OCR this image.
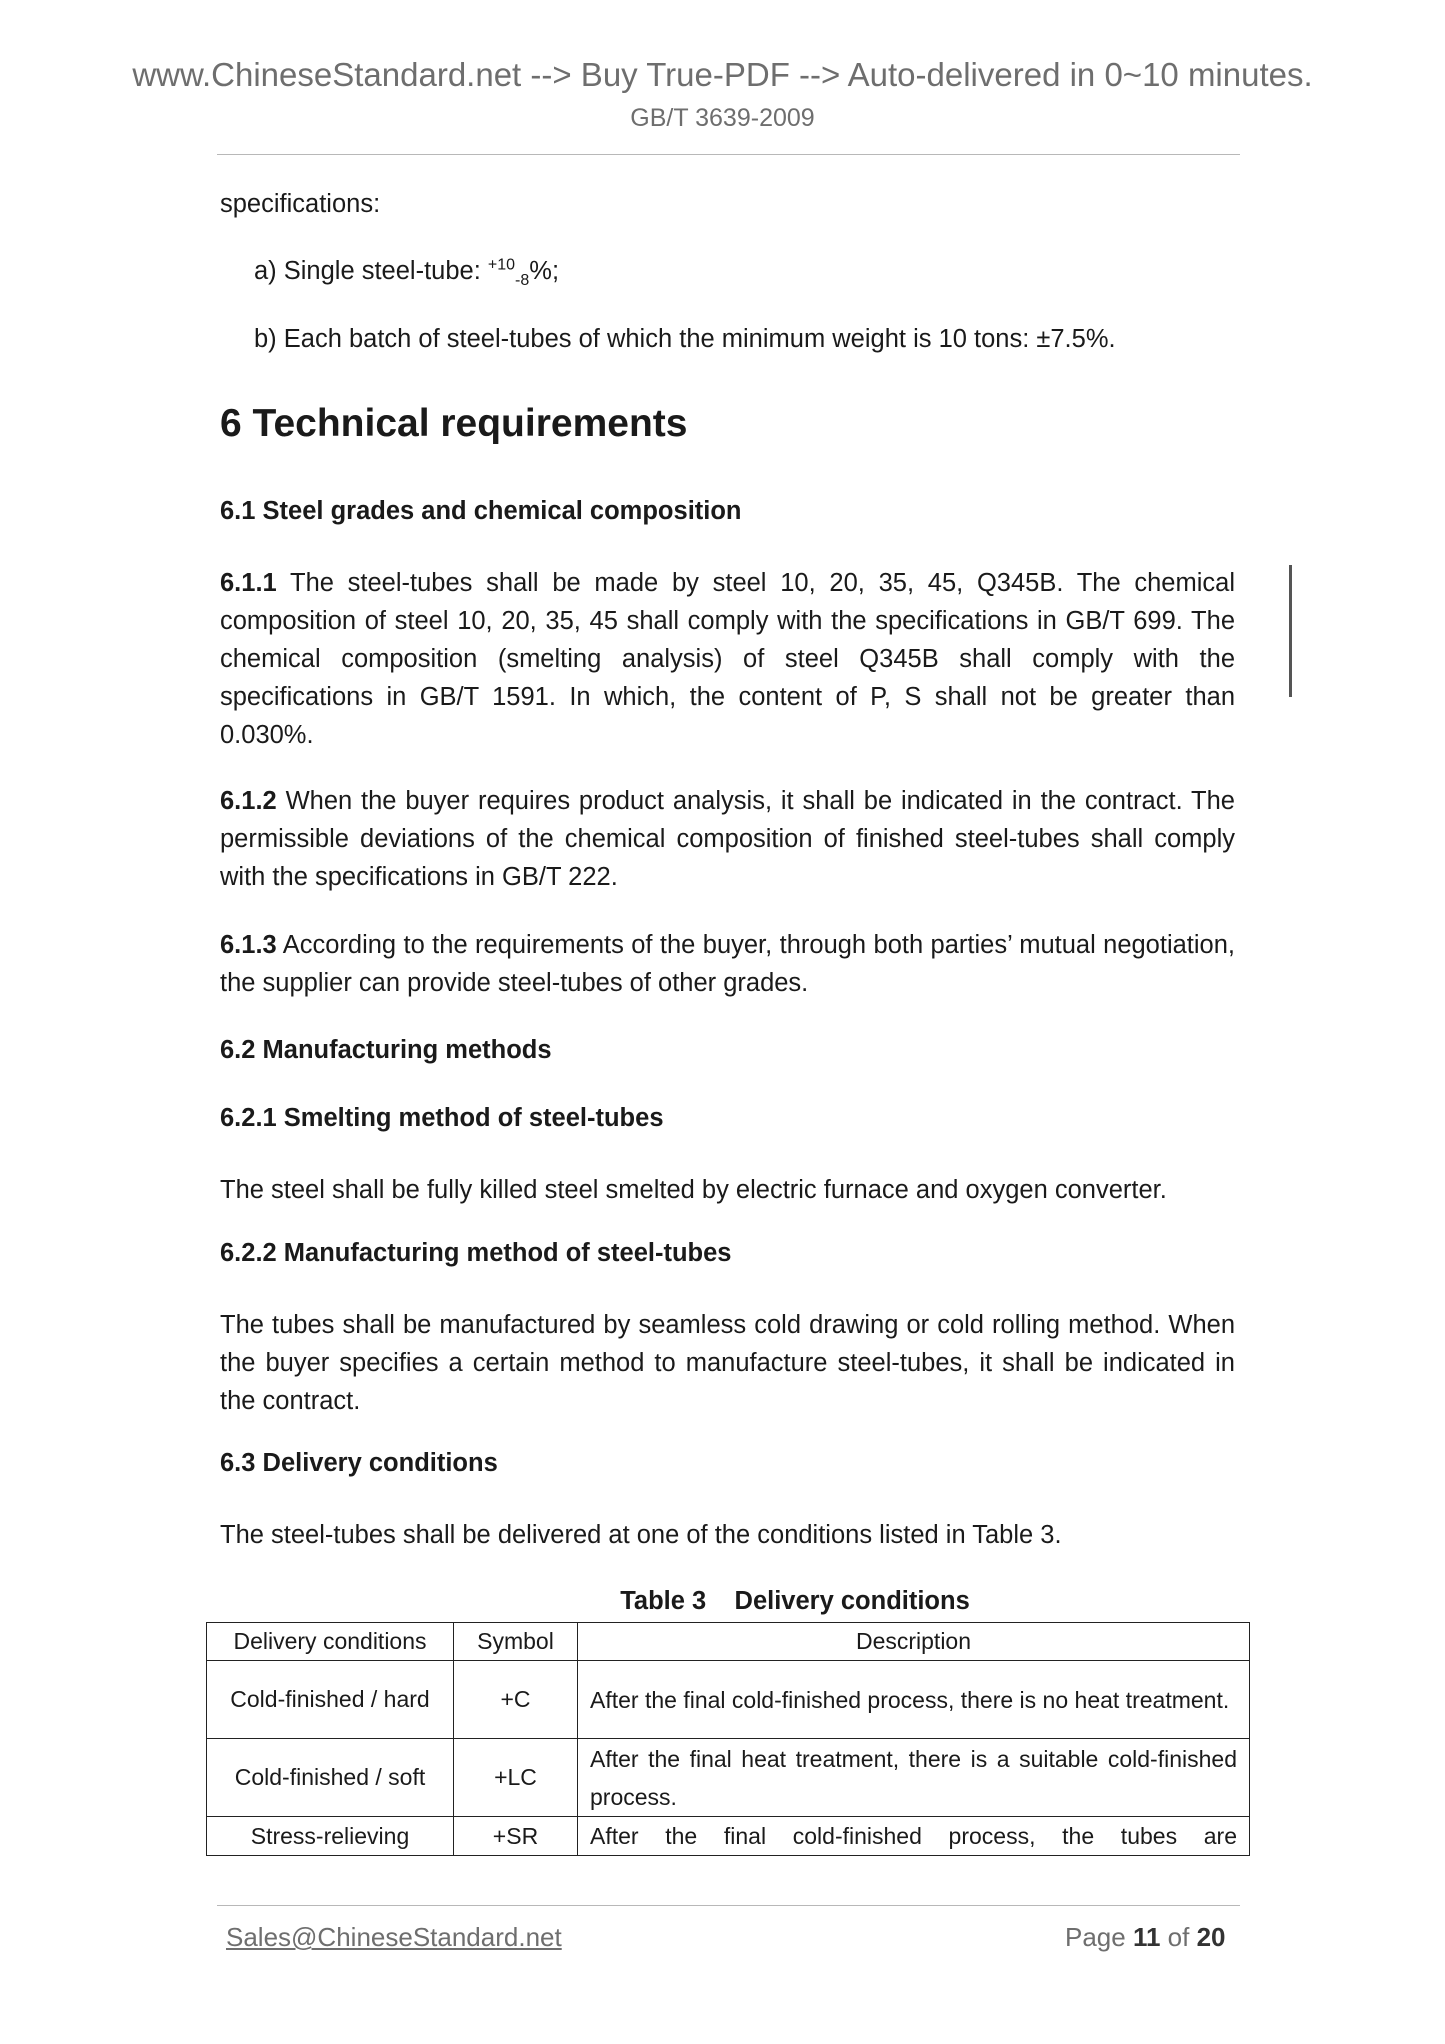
www.ChineseStandard.net --> Buy True-PDF --> Auto-delivered in 0~10 minutes.
GB/T 3639-2009
specifications:
a) Single steel-tube: $^{+10}_{-8}$%;
b) Each batch of steel-tubes of which the minimum weight is 10 tons: ±7.5%.
6 Technical requirements
6.1 Steel grades and chemical composition
6.1.1 The steel-tubes shall be made by steel 10, 20, 35, 45, Q345B. The chemical composition of steel 10, 20, 35, 45 shall comply with the specifications in GB/T 699. The chemical composition (smelting analysis) of steel Q345B shall comply with the specifications in GB/T 1591. In which, the content of P, S shall not be greater than 0.030%.
6.1.2 When the buyer requires product analysis, it shall be indicated in the contract. The permissible deviations of the chemical composition of finished steel-tubes shall comply with the specifications in GB/T 222.
6.1.3 According to the requirements of the buyer, through both parties’ mutual negotiation, the supplier can provide steel-tubes of other grades.
6.2 Manufacturing methods
6.2.1 Smelting method of steel-tubes
The steel shall be fully killed steel smelted by electric furnace and oxygen converter.
6.2.2 Manufacturing method of steel-tubes
The tubes shall be manufactured by seamless cold drawing or cold rolling method. When the buyer specifies a certain method to manufacture steel-tubes, it shall be indicated in the contract.
6.3 Delivery conditions
The steel-tubes shall be delivered at one of the conditions listed in Table 3.
Table 3    Delivery conditions
Delivery conditions	Symbol	Description
Cold-finished / hard	+C	After the final cold-finished process, there is no heat treatment.
Cold-finished / soft	+LC	After the final heat treatment, there is a suitable cold-finished process.
Stress-relieving	+SR	After the final cold-finished process, the tubes are
Sales@ChineseStandard.net	Page 11 of 20
